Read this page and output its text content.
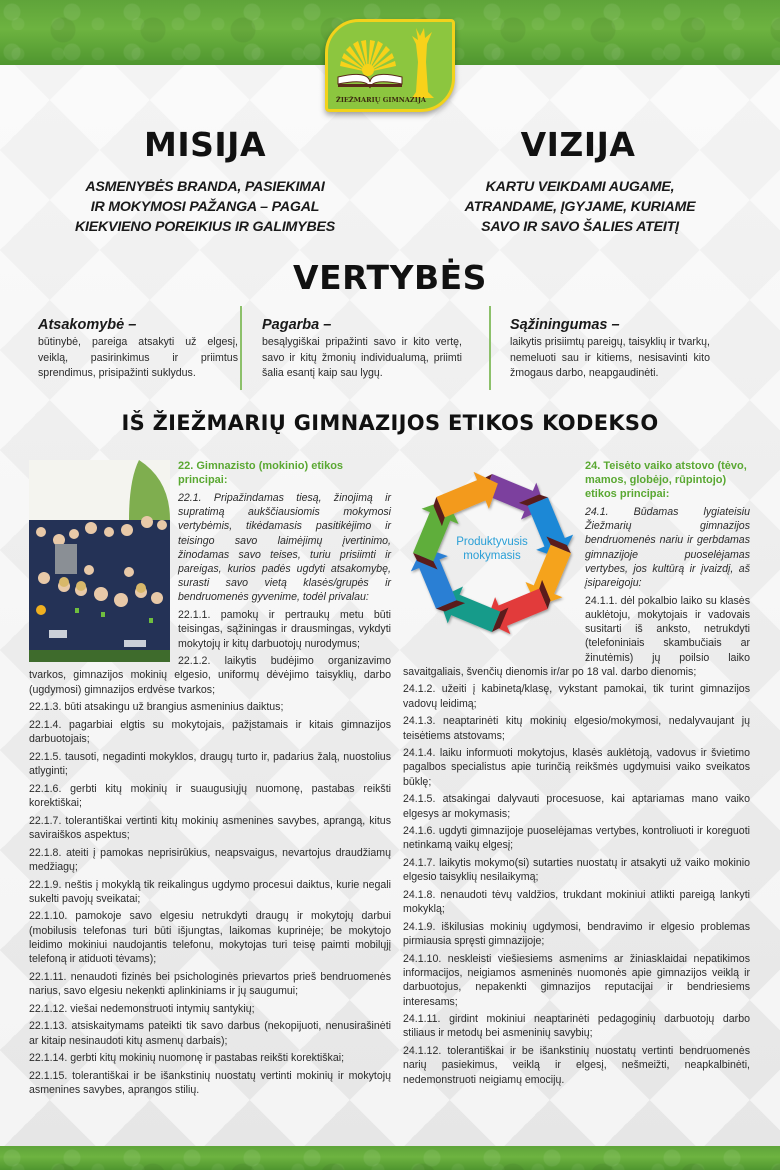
ŽIEŽMARIŲ GIMNAZIJA
MISIJA
ASMENYBĖS BRANDA, PASIEKIMAI
IR MOKYMOSI PAŽANGA – PAGAL
KIEKVIENO POREIKIUS IR GALIMYBES
VIZIJA
KARTU VEIKDAMI AUGAME,
ATRANDAME, ĮGYJAME, KURIAME
SAVO IR SAVO ŠALIES ATEITĮ
VERTYBĖS
Atsakomybė –
būtinybė, pareiga atsakyti už elgesį, veiklą, pasirinkimus ir priimtus sprendimus, prisipažinti suklydus.
Pagarba –
besąlygiškai pripažinti savo ir kito vertę, savo ir kitų žmonių individualumą, priimti šalia esantį kaip sau lygų.
Sąžiningumas –
laikytis prisiimtų pareigų, taisyklių ir tvarkų, nemeluoti sau ir kitiems, nesisavinti kito žmogaus darbo, neapgaudinėti.
IŠ ŽIEŽMARIŲ GIMNAZIJOS ETIKOS KODEKSO

22. Gimnazisto (mokinio) etikos principai:

22.1. Pripažindamas tiesą, žinojimą ir supratimą aukščiausiomis mokymosi vertybėmis, tikėdamasis pasitikėjimo ir teisingo savo laimėjimų įvertinimo, žinodamas savo teises, turiu prisiimti ir pareigas, kurios padės ugdyti atsakomybę, surasti savo vietą klasės/grupės ir bendruomenės gyvenime, todėl privalau:

22.1.1. pamokų ir pertraukų metu būti teisingas, sąžiningas ir drausmingas, vykdyti mokytojų ir kitų darbuotojų nurodymus;

22.1.2. laikytis budėjimo organizavimo tvarkos, gimnazijos mokinių elgesio, uniformų dėvėjimo taisyklių, darbo (ugdymosi) gimnazijos erdvėse tvarkos;

22.1.3. būti atsakingu už brangius asmeninius daiktus;

22.1.4. pagarbiai elgtis su mokytojais, pažįstamais ir kitais gimnazijos darbuotojais;

22.1.5. tausoti, negadinti mokyklos, draugų turto ir, padarius žalą, nuostolius atlyginti;

22.1.6. gerbti kitų mokinių ir suaugusiųjų nuomonę, pastabas reikšti korektiškai;

22.1.7. tolerantiškai vertinti kitų mokinių asmenines savybes, aprangą, kitus saviraiškos aspektus;

22.1.8. ateiti į pamokas neprisirūkius, neapsvaigus, nevartojus draudžiamų medžiagų;

22.1.9. neštis į mokyklą tik reikalingus ugdymo procesui daiktus, kurie negali sukelti pavojų sveikatai;

22.1.10. pamokoje savo elgesiu netrukdyti draugų ir mokytojų darbui (mobilusis telefonas turi būti išjungtas, laikomas kuprinėje; be mokytojo leidimo mokiniui naudojantis telefonu, mokytojas turi teisę paimti mobilųjį telefoną ir atiduoti tėvams);

22.1.11. nenaudoti fizinės bei psichologinės prievartos prieš bendruomenės narius, savo elgesiu nekenkti aplinkiniams ir jų saugumui;

22.1.12. viešai nedemonstruoti intymių santykių;

22.1.13. atsiskaitymams pateikti tik savo darbus (nekopijuoti, nenusirašinėti ar kitaip nesinaudoti kitų asmenų darbais);

22.1.14. gerbti kitų mokinių nuomonę ir pastabas reikšti korektiškai;

22.1.15. tolerantiškai ir be išankstinių nuostatų vertinti mokinių ir mokytojų asmenines savybes, aprangos stilių.

Produktyvusis
mokymasis

24. Teisėto vaiko atstovo (tėvo, mamos, globėjo, rūpintojo) etikos principai:

24.1. Būdamas lygiateisiu Žiežmarių gimnazijos bendruomenės nariu ir gerbdamas gimnazijoje puoselėjamas vertybes, jos kultūrą ir įvaizdį, aš įsipareigoju:

24.1.1. dėl pokalbio laiko su klasės auklėtoju, mokytojais ir vadovais susitarti iš anksto, netrukdyti (telefoniniais skambučiais ar žinutėmis) jų poilsio laiko savaitgaliais, švenčių dienomis ir/ar po 18 val. darbo dienomis;

24.1.2. užeiti į kabinetą/klasę, vykstant pamokai, tik turint gimnazijos vadovų leidimą;

24.1.3. neaptarinėti kitų mokinių elgesio/mokymosi, nedalyvaujant jų teisėtiems atstovams;

24.1.4. laiku informuoti mokytojus, klasės auklėtoją, vadovus ir švietimo pagalbos specialistus apie turinčią reikšmės ugdymuisi vaiko sveikatos būklę;

24.1.5. atsakingai dalyvauti procesuose, kai aptariamas mano vaiko elgesys ar mokymasis;

24.1.6. ugdyti gimnazijoje puoselėjamas vertybes, kontroliuoti ir koreguoti netinkamą vaikų elgesį;

24.1.7. laikytis mokymo(si) sutarties nuostatų ir atsakyti už vaiko mokinio elgesio taisyklių nesilaikymą;

24.1.8. nenaudoti tėvų valdžios, trukdant mokiniui atlikti pareigą lankyti mokyklą;

24.1.9. iškilusias mokinių ugdymosi, bendravimo ir elgesio problemas pirmiausia spręsti gimnazijoje;

24.1.10. neskleisti viešiesiems asmenims ar žiniasklaidai nepatikimos informacijos, neigiamos asmeninės nuomonės apie gimnazijos veiklą ir darbuotojus, nepakenkti gimnazijos reputacijai ir bendriesiems interesams;

24.1.11. girdint mokiniui neaptarinėti pedagoginių darbuotojų darbo stiliaus ir metodų bei asmeninių savybių;

24.1.12. tolerantiškai ir be išankstinių nuostatų vertinti bendruomenės narių pasiekimus, veiklą ir elgesį, nešmeižti, neapkalbinėti, nedemonstruoti neigiamų emocijų.
